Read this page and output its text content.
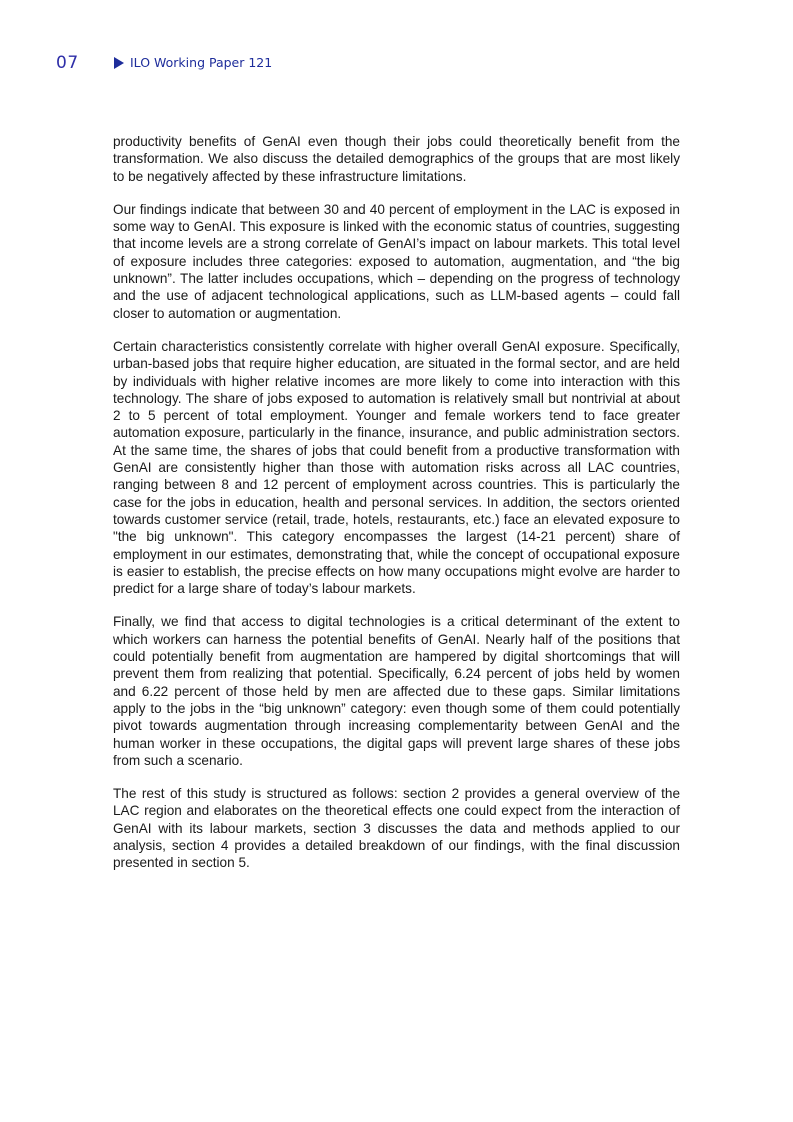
07	ILO Working Paper 121

productivity benefits of GenAI even though their jobs could theoretically benefit from the transformation. We also discuss the detailed demographics of the groups that are most likely to be negatively affected by these infrastructure limitations.

Our findings indicate that between 30 and 40 percent of employment in the LAC is exposed in some way to GenAI. This exposure is linked with the economic status of countries, suggesting that income levels are a strong correlate of GenAI’s impact on labour markets. This total level of exposure includes three categories: exposed to automation, augmentation, and “the big unknown”. The latter includes occupations, which – depending on the progress of technology and the use of adjacent technological applications, such as LLM-based agents – could fall closer to automation or augmentation.

Certain characteristics consistently correlate with higher overall GenAI exposure. Specifically, urban-based jobs that require higher education, are situated in the formal sector, and are held by individuals with higher relative incomes are more likely to come into interaction with this technology. The share of jobs exposed to automation is relatively small but nontrivial at about 2 to 5 percent of total employment. Younger and female workers tend to face greater automation exposure, particularly in the finance, insurance, and public administration sectors. At the same time, the shares of jobs that could benefit from a productive transformation with GenAI are consistently higher than those with automation risks across all LAC countries, ranging between 8 and 12 percent of employment across countries. This is particularly the case for the jobs in education, health and personal services. In addition, the sectors oriented towards customer service (retail, trade, hotels, restaurants, etc.) face an elevated exposure to "the big unknown". This category encompasses the largest (14-21 percent) share of employment in our estimates, demonstrating that, while the concept of occupational exposure is easier to establish, the precise effects on how many occupations might evolve are harder to predict for a large share of today’s labour markets.

Finally, we find that access to digital technologies is a critical determinant of the extent to which workers can harness the potential benefits of GenAI. Nearly half of the positions that could potentially benefit from augmentation are hampered by digital shortcomings that will prevent them from realizing that potential. Specifically, 6.24 percent of jobs held by women and 6.22 percent of those held by men are affected due to these gaps. Similar limitations apply to the jobs in the “big unknown” category: even though some of them could potentially pivot towards augmentation through increasing complementarity between GenAI and the human worker in these occupations, the digital gaps will prevent large shares of these jobs from such a scenario.

The rest of this study is structured as follows: section 2 provides a general overview of the LAC region and elaborates on the theoretical effects one could expect from the interaction of GenAI with its labour markets, section 3 discusses the data and methods applied to our analysis, section 4 provides a detailed breakdown of our findings, with the final discussion presented in section 5.
